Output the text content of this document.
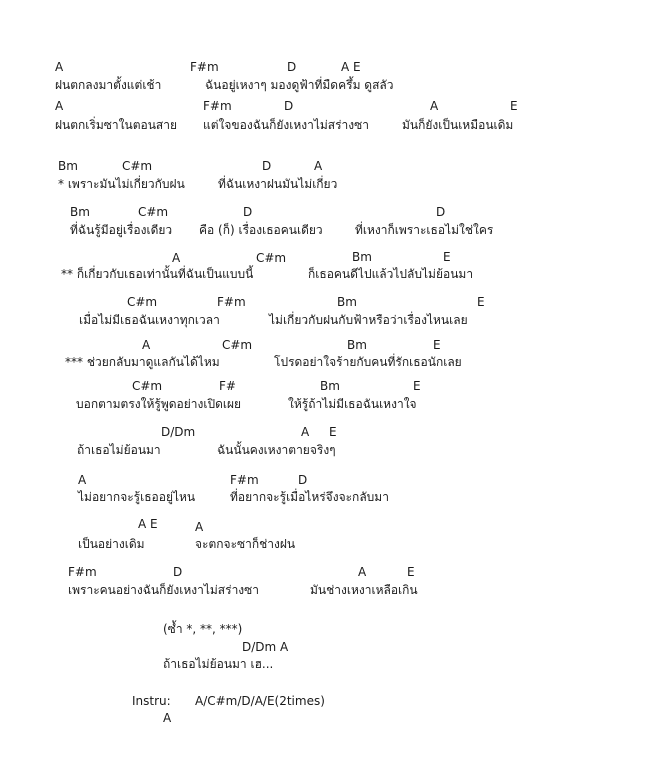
A	F#m	D	A E
ฝนตกลงมาตั้งแต่เช้า	ฉันอยู่เหงาๆ มองดูฟ้าที่มืดครึ้ม ดูสลัว
A	F#m	D	A	E
ฝนตกเริ่มซาในตอนสาย แต่ใจของฉันก็ยังเหงาไม่สร่างซา	มันก็ยังเป็นเหมือนเดิม
Bm	C#m	D	A
* เพราะมันไม่เกี่ยวกับฝน	ที่ฉันเหงาฝนมันไม่เกี่ยว
Bm	C#m	D	D
ที่ฉันรู้มีอยู่เรื่องเดียว คือ (ก็) เรื่องเธอคนเดียว	ที่เหงาก็เพราะเธอไม่ใช่ใคร
A	C#m	Bm	E
** ก็เกี่ยวกับเธอเท่านั้นที่ฉันเป็นแบบนี้	ก็เธอคนดีไปแล้วไปลับไม่ย้อนมา
C#m	F#m	Bm	E
เมื่อไม่มีเธอฉันเหงาทุกเวลา	ไม่เกี่ยวกับฝนกับฟ้าหรือว่าเรื่องไหนเลย
A	C#m	Bm	E
*** ช่วยกลับมาดูแลกันได้ไหม	โปรดอย่าใจร้ายกับคนที่รักเธอนักเลย
C#m	F#	Bm	E
บอกตามตรงให้รู้พูดอย่างเปิดเผย	ให้รู้ถ้าไม่มีเธอฉันเหงาใจ
D/Dm	A E
ถ้าเธอไม่ย้อนมา	ฉันนั้นคงเหงาตายจริงๆ
A	F#m	D
ไม่อยากจะรู้เธออยู่ไหน	ที่อยากจะรู้เมื่อไหร่จึงจะกลับมา
A E	A
เป็นอย่างเดิม	จะตกจะซาก็ช่างฝน
F#m	D	A	E
เพราะคนอย่างฉันก็ยังเหงาไม่สร่างซา	มันช่างเหงาเหลือเกิน
(ซ้ำ *, **, ***)
D/Dm A
ถ้าเธอไม่ย้อนมา เฮ...
Instru: A/C#m/D/A/E(2times)
A
